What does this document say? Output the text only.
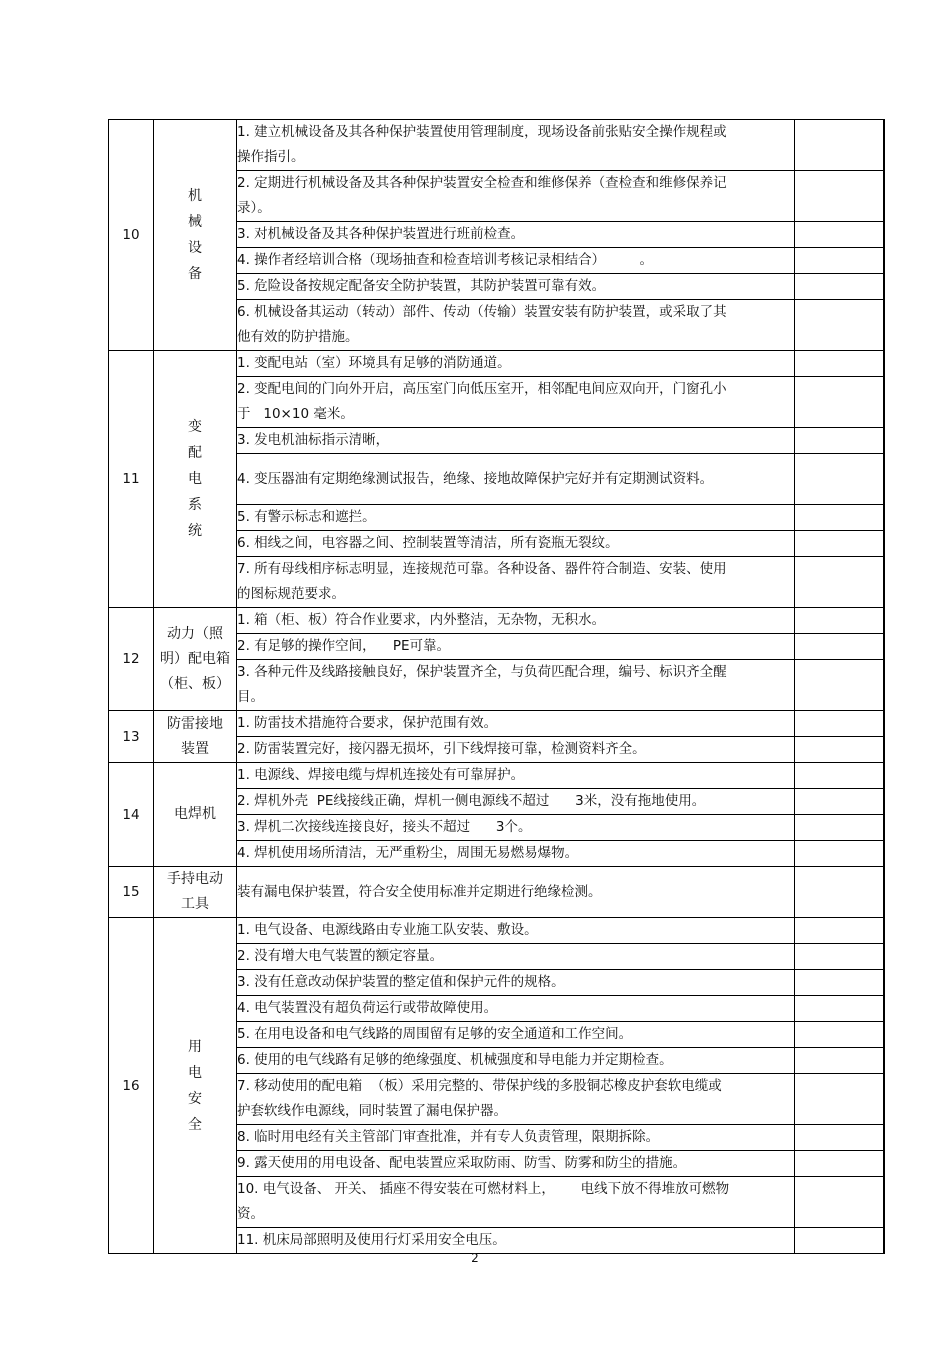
10	机
械
设
备	1. 建立机械设备及其各种保护装置使用管理制度，现场设备前张贴安全操作规程或操作指引。	

		2. 定期进行机械设备及其各种保护装置安全检查和维修保养（查检查和维修保养记录）。	

		3. 对机械设备及其各种保护装置进行班前检查。	

		4. 操作者经培训合格（现场抽查和检查培训考核记录相结合）        。	

		5. 危险设备按规定配备安全防护装置，其防护装置可靠有效。	

		6. 机械设备其运动（转动）部件、传动（传输）装置安装有防护装置，或采取了其他有效的防护措施。	

11	变
配
电
系
统	1. 变配电站（室）环境具有足够的消防通道。	

		2. 变配电间的门向外开启，高压室门向低压室开，相邻配电间应双向开，门窗孔小于   10×10 毫米。	

		3. 发电机油标指示清晰，	

		4. 变压器油有定期绝缘测试报告，绝缘、接地故障保护完好并有定期测试资料。	

		5. 有警示标志和遮拦。	

		6. 相线之间，电容器之间、控制装置等清洁，所有瓷瓶无裂纹。	

		7. 所有母线相序标志明显，连接规范可靠。各种设备、器件符合制造、安装、使用的图标规范要求。	

12	动力（照明）配电箱（柜、板）	1. 箱（柜、板）符合作业要求，内外整洁，无杂物，无积水。	

		2. 有足够的操作空间，    PE可靠。	

		3. 各种元件及线路接触良好，保护装置齐全，与负荷匹配合理，编号、标识齐全醒目。	

13	防雷接地装置	1. 防雷技术措施符合要求，保护范围有效。	

		2. 防雷装置完好，接闪器无损坏，引下线焊接可靠，检测资料齐全。	

14	电焊机	1. 电源线、焊接电缆与焊机连接处有可靠屏护。	

		2. 焊机外壳  PE线接线正确，焊机一侧电源线不超过      3米，没有拖地使用。	

		3. 焊机二次接线连接良好，接头不超过      3个。	

		4. 焊机使用场所清洁，无严重粉尘，周围无易燃易爆物。	

15	手持电动工具	装有漏电保护装置，符合安全使用标准并定期进行绝缘检测。	

16	用
电
安
全	1. 电气设备、电源线路由专业施工队安装、敷设。	

		2. 没有增大电气装置的额定容量。	

		3. 没有任意改动保护装置的整定值和保护元件的规格。	

		4. 电气装置没有超负荷运行或带故障使用。	

		5. 在用电设备和电气线路的周围留有足够的安全通道和工作空间。	

		6. 使用的电气线路有足够的绝缘强度、机械强度和导电能力并定期检查。	

		7. 移动使用的配电箱  （板）采用完整的、带保护线的多股铜芯橡皮护套软电缆或护套软线作电源线，同时装置了漏电保护器。	

		8. 临时用电经有关主管部门审查批准，并有专人负责管理，限期拆除。	

		9. 露天使用的用电设备、配电装置应采取防雨、防雪、防雾和防尘的措施。	

		10. 电气设备、 开关、 插座不得安装在可燃材料上，      电线下放不得堆放可燃物资。	

		11. 机床局部照明及使用行灯采用安全电压。	

2
